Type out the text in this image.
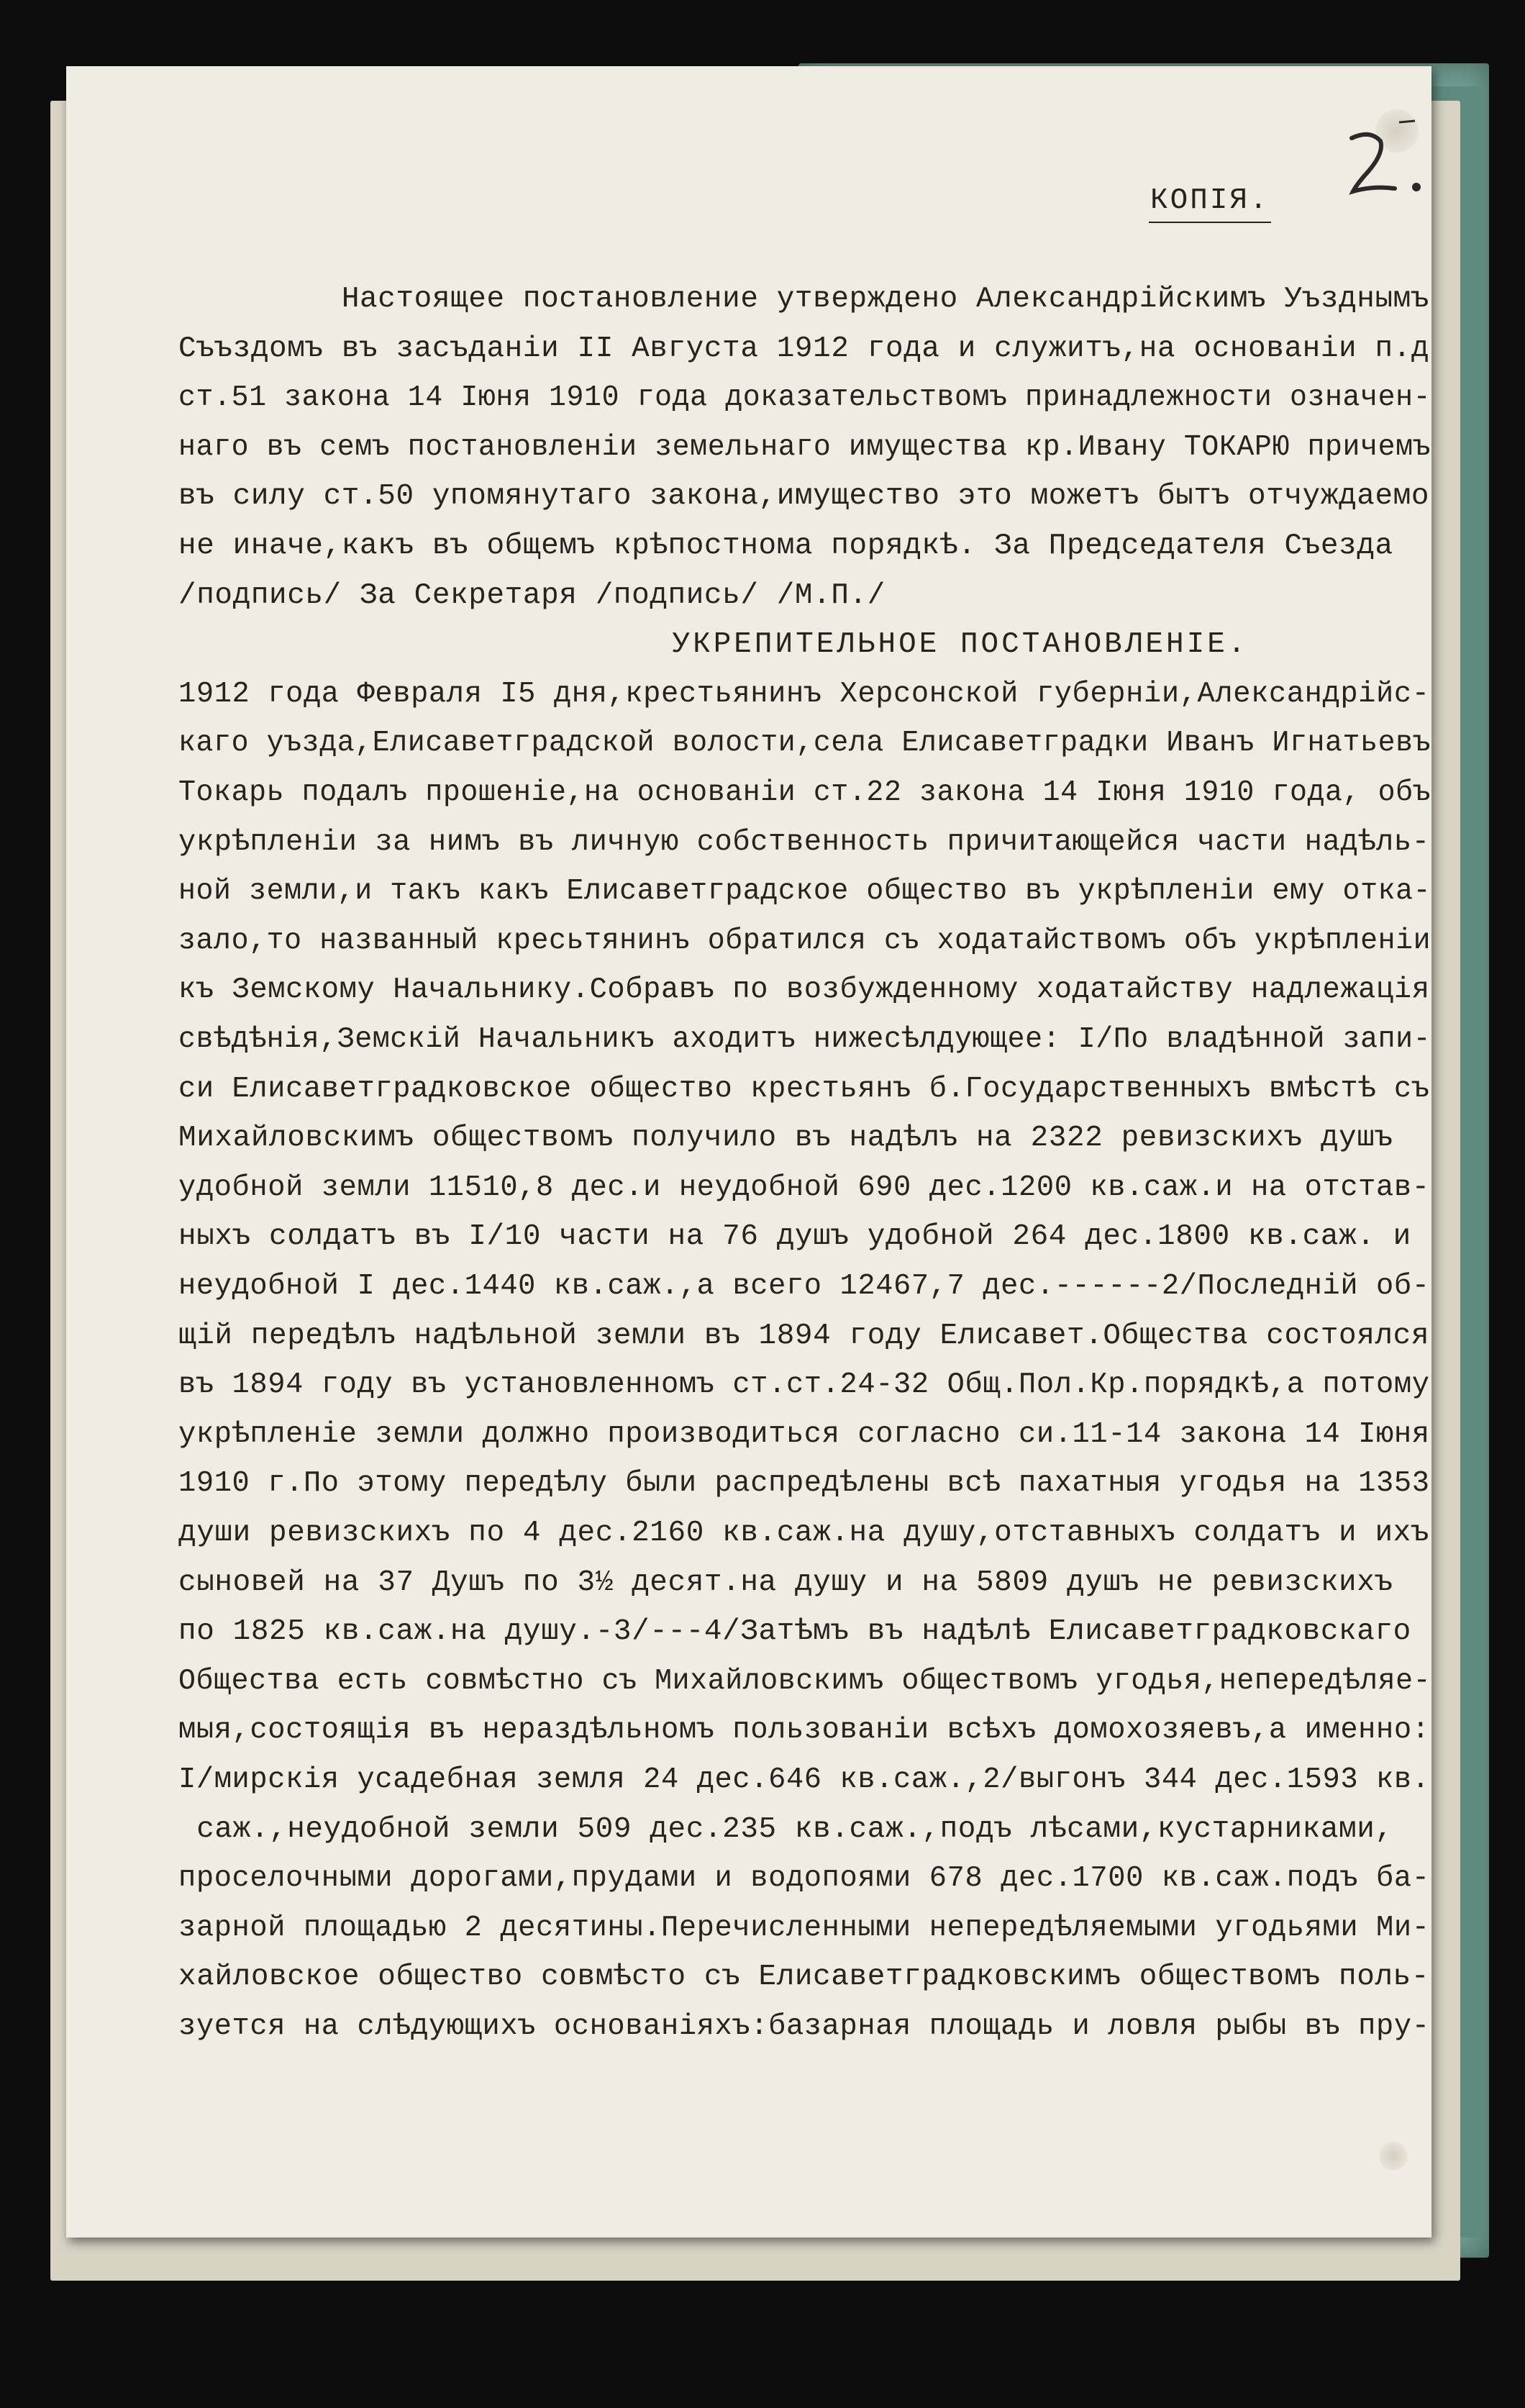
КОПIЯ.
Настоящее постановление утверждено Александрiйскимъ Уъзднымъ
Съъздомъ въ засъданiи II Августа 1912 года и служитъ,на основанiи п.д
ст.51 закона 14 Iюня 1910 года доказательствомъ принадлежности означен-
наго въ семъ постановленiи земельнаго имущества кр.Ивану ТОКАРЮ причемъ
въ силу ст.50 упомянутаго закона,имущество это можетъ бытъ отчуждаемо
не иначе,какъ въ общемъ крѣпостнома порядкѣ. За Председателя Съезда
/подпись/ За Секретаря /подпись/ /М.П./
УКРЕПИТЕЛЬНОЕ ПОСТАНОВЛЕНIЕ.
1912 года Февраля I5 дня,крестьянинъ Херсонской губернiи,Александрiйс-
каго уъзда,Елисаветградской волости,села Елисаветградки Иванъ Игнатьевъ
Токарь подалъ прошенiе,на основанiи ст.22 закона 14 Iюня 1910 года, объ
укрѣпленiи за нимъ въ личную собственность причитающейся части надѣль-
ной земли,и такъ какъ Елисаветградское общество въ укрѣпленiи ему отка-
зало,то названный кресьтянинъ обратился съ ходатайствомъ объ укрѣпленiи
къ Земскому Начальнику.Собравъ по возбужденному ходатайству надлежацiя
свѣдѣнiя,Земскiй Начальникъ аходитъ нижесѣлдующее: I/По владѣнной запи-
си Елисаветградковское общество крестьянъ б.Государственныхъ вмѣстѣ съ
Михайловскимъ обществомъ получило въ надѣлъ на 2322 ревизскихъ душъ
удобной земли 11510,8 дес.и неудобной 690 дес.1200 кв.саж.и на отстав-
ныхъ солдатъ въ I/10 части на 76 душъ удобной 264 дес.1800 кв.саж. и
неудобной I дес.1440 кв.саж.,а всего 12467,7 дес.------2/Последнiй об-
щiй передѣлъ надѣльной земли въ 1894 году Елисавет.Общества состоялся
въ 1894 году въ установленномъ ст.ст.24-32 Общ.Пол.Кр.порядкѣ,а потому
укрѣпленiе земли должно производиться согласно си.11-14 закона 14 Iюня
1910 г.По этому передѣлу были распредѣлены всѣ пахатныя угодья на 1353
души ревизскихъ по 4 дес.2160 кв.саж.на душу,отставныхъ солдатъ и ихъ
сыновей на 37 Душъ по 3½ десят.на душу и на 5809 душъ не ревизскихъ
по 1825 кв.саж.на душу.-3/---4/Затѣмъ въ надѣлѣ Елисаветградковскаго
Общества есть совмѣстно съ Михайловскимъ обществомъ угодья,непередѣляе-
мыя,состоящiя въ нераздѣльномъ пользованiи всѣхъ домохозяевъ,а именно:
I/мирскiя усадебная земля 24 дес.646 кв.саж.,2/выгонъ 344 дес.1593 кв.
саж.,неудобной земли 509 дес.235 кв.саж.,подъ лѣсами,кустарниками,
проселочными дорогами,прудами и водопоями 678 дес.1700 кв.саж.подъ ба-
зарной площадью 2 десятины.Перечисленными непередѣляемыми угодьями Ми-
хайловское общество совмѣсто съ Елисаветградковскимъ обществомъ поль-
зуется на слѣдующихъ основанiяхъ:базарная площадь и ловля рыбы въ пру-
